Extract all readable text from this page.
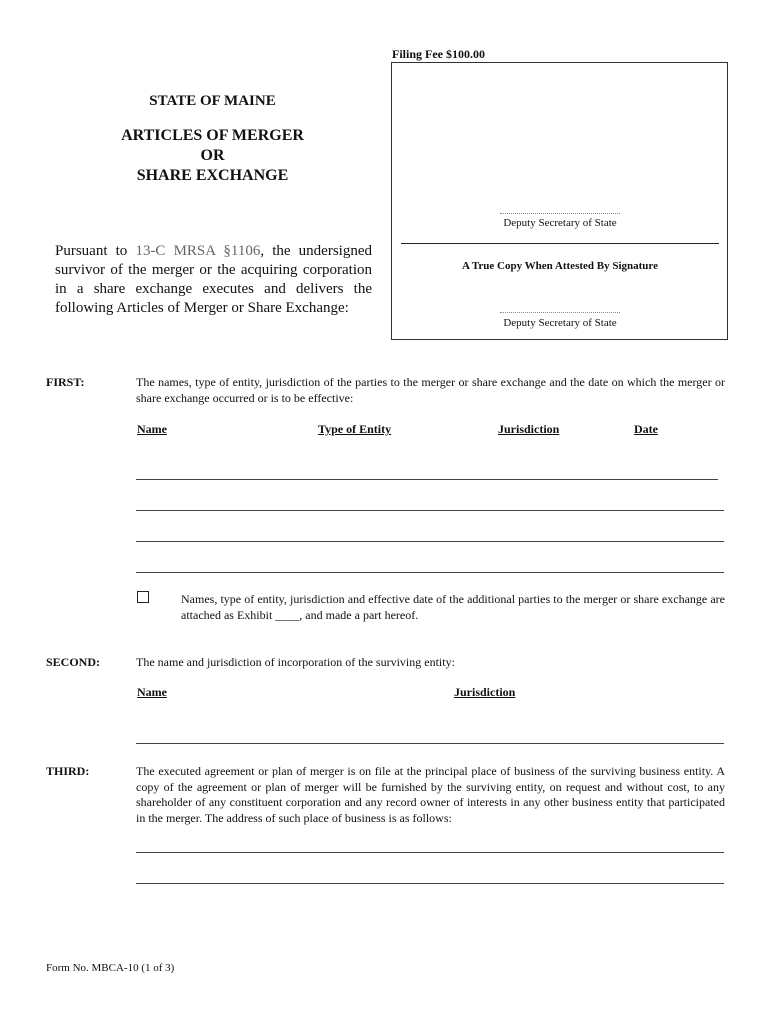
Filing Fee $100.00
Deputy Secretary of State
A True Copy When Attested By Signature
Deputy Secretary of State
STATE OF MAINE
ARTICLES OF MERGER
OR
SHARE EXCHANGE
Pursuant to 13-C MRSA §1106, the undersigned survivor of the merger or the acquiring corporation in a share exchange executes and delivers the following Articles of Merger or Share Exchange:
FIRST:	The names, type of entity, jurisdiction of the parties to the merger or share exchange and the date on which the merger or share exchange occurred or is to be effective:
Name	Type of Entity	Jurisdiction	Date
Names, type of entity, jurisdiction and effective date of the additional parties to the merger or share exchange are attached as Exhibit ____, and made a part hereof.
SECOND:	The name and jurisdiction of incorporation of the surviving entity:
Name	Jurisdiction
THIRD:	The executed agreement or plan of merger is on file at the principal place of business of the surviving business entity. A copy of the agreement or plan of merger will be furnished by the surviving entity, on request and without cost, to any shareholder of any constituent corporation and any record owner of interests in any other business entity that participated in the merger. The address of such place of business is as follows:
Form No. MBCA-10 (1 of 3)
